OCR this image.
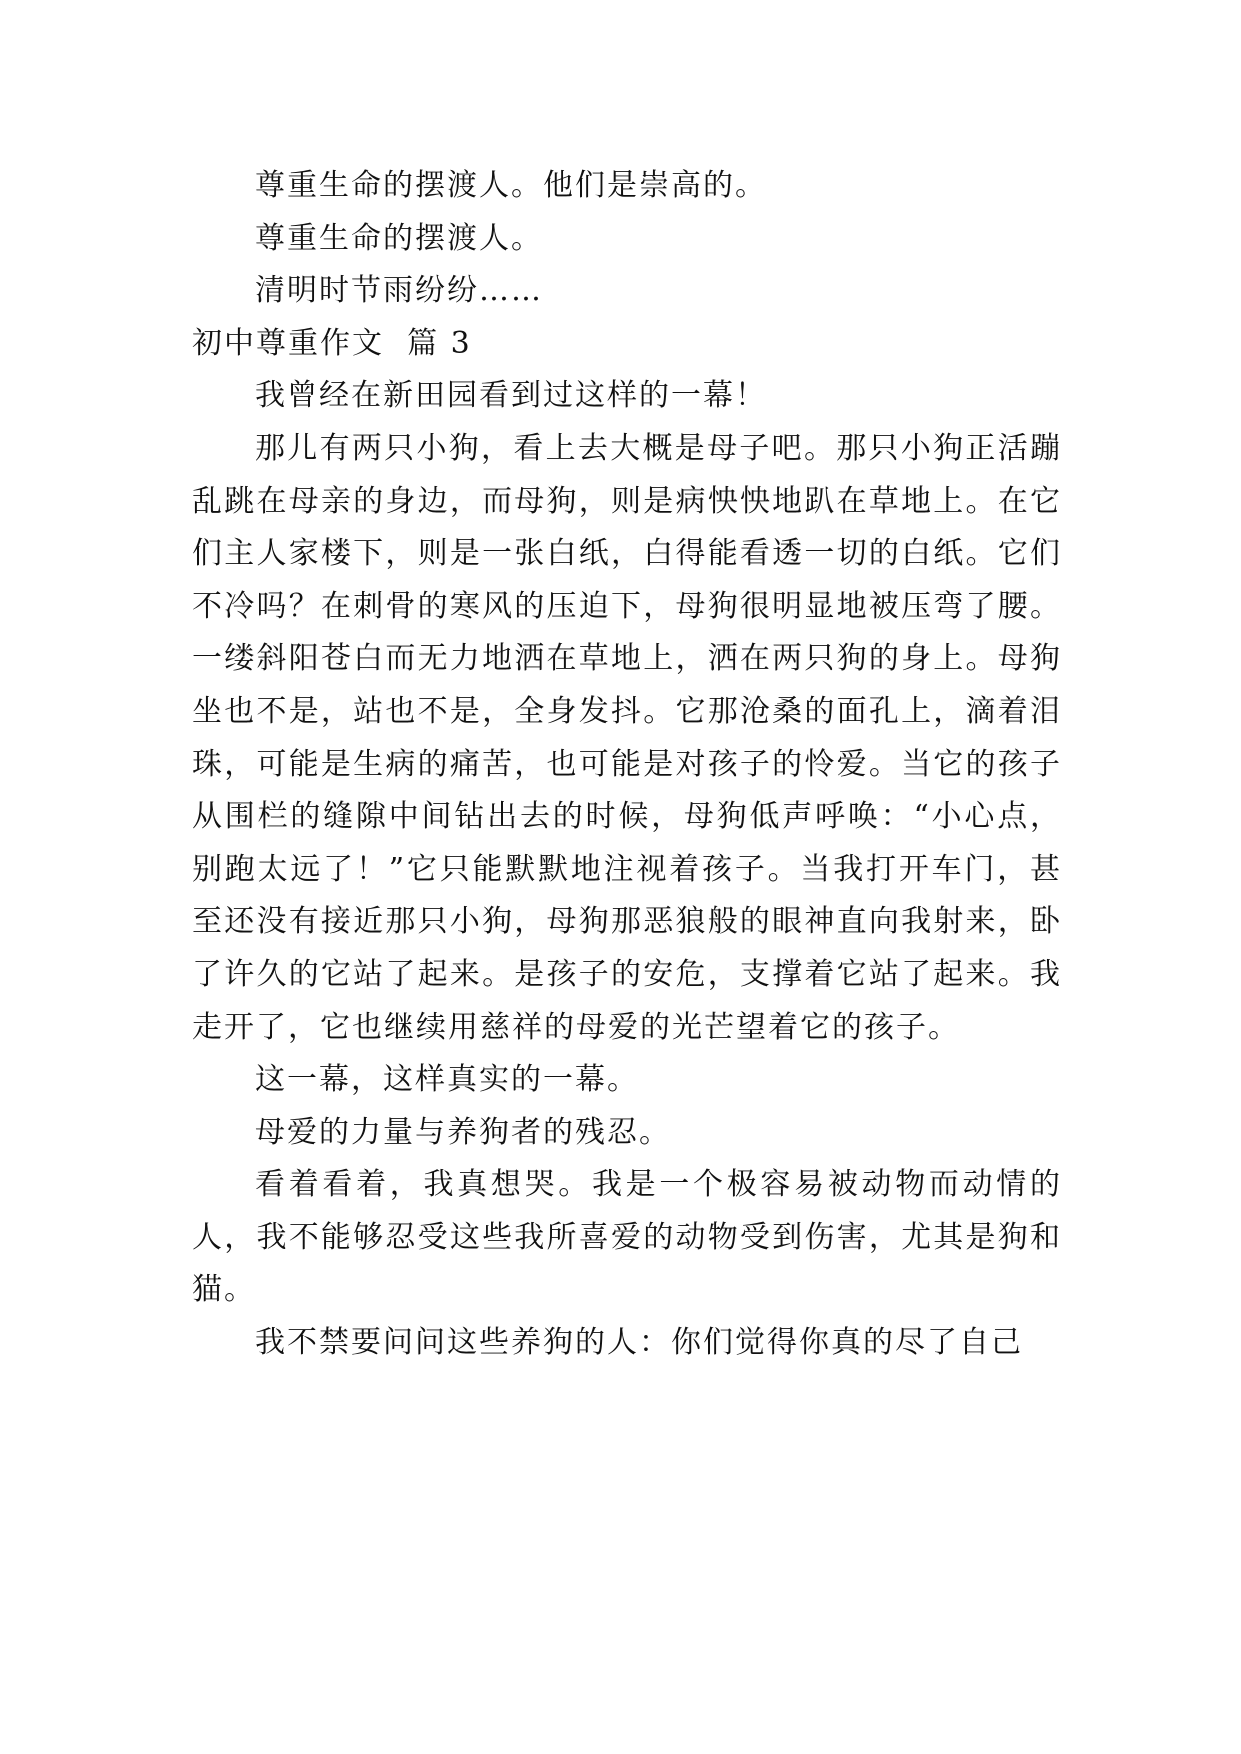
尊重生命的摆渡人。他们是崇高的。

尊重生命的摆渡人。

清明时节雨纷纷……

初中尊重作文  篇 3

我曾经在新田园看到过这样的一幕！

那儿有两只小狗，看上去大概是母子吧。那只小狗正活蹦乱跳在母亲的身边，而母狗，则是病怏怏地趴在草地上。在它们主人家楼下，则是一张白纸，白得能看透一切的白纸。它们不冷吗？在刺骨的寒风的压迫下，母狗很明显地被压弯了腰。一缕斜阳苍白而无力地洒在草地上，洒在两只狗的身上。母狗坐也不是，站也不是，全身发抖。它那沧桑的面孔上，滴着泪珠，可能是生病的痛苦，也可能是对孩子的怜爱。当它的孩子从围栏的缝隙中间钻出去的时候，母狗低声呼唤：“小心点，别跑太远了！”它只能默默地注视着孩子。当我打开车门，甚至还没有接近那只小狗，母狗那恶狼般的眼神直向我射来，卧了许久的它站了起来。是孩子的安危，支撑着它站了起来。我走开了，它也继续用慈祥的母爱的光芒望着它的孩子。

这一幕，这样真实的一幕。

母爱的力量与养狗者的残忍。

看着看着，我真想哭。我是一个极容易被动物而动情的人，我不能够忍受这些我所喜爱的动物受到伤害，尤其是狗和猫。

我不禁要问问这些养狗的人：你们觉得你真的尽了自己
